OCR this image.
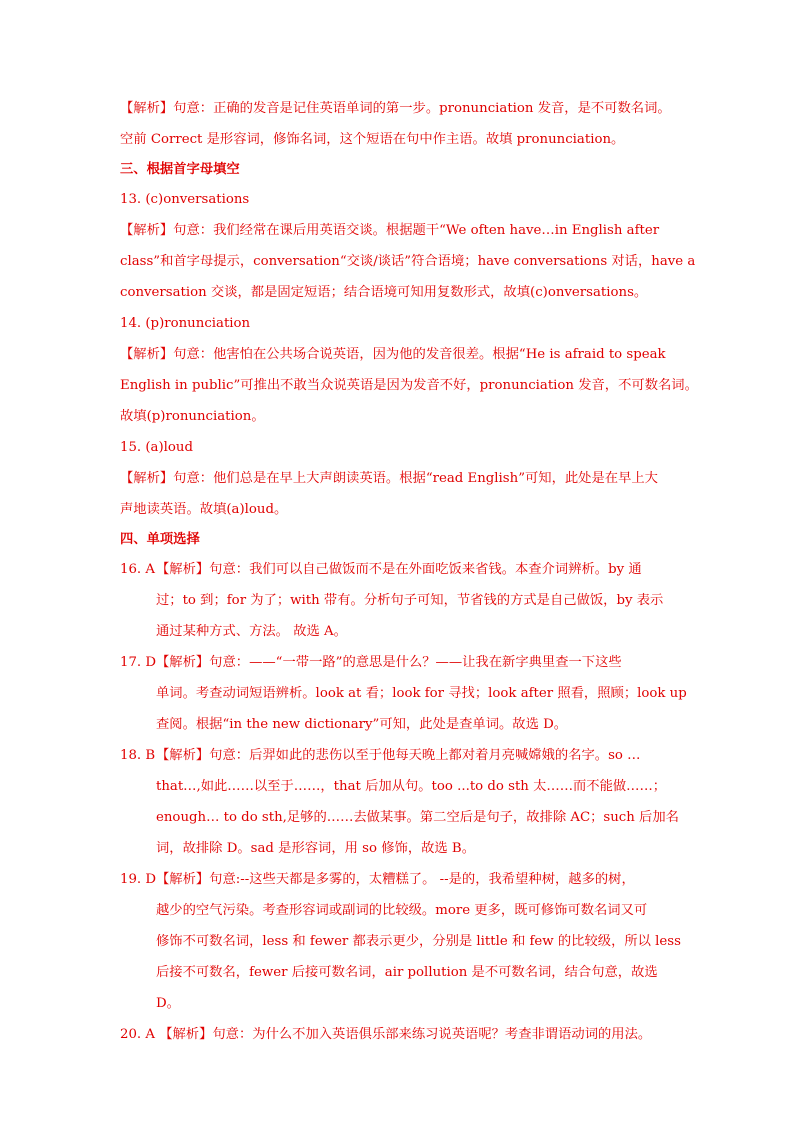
【解析】句意：正确的发音是记住英语单词的第一步。pronunciation 发音，是不可数名词。
空前 Correct 是形容词，修饰名词，这个短语在句中作主语。故填 pronunciation。
三、根据首字母填空
13. (c)onversations
【解析】句意：我们经常在课后用英语交谈。根据题干“We often have…in English after
class”和首字母提示，conversation“交谈/谈话”符合语境；have conversations 对话，have a
conversation 交谈，都是固定短语；结合语境可知用复数形式，故填(c)onversations。
14. (p)ronunciation
【解析】句意：他害怕在公共场合说英语，因为他的发音很差。根据“He is afraid to speak
English in public”可推出不敢当众说英语是因为发音不好，pronunciation 发音，不可数名词。
故填(p)ronunciation。
15. (a)loud
【解析】句意：他们总是在早上大声朗读英语。根据“read English”可知，此处是在早上大
声地读英语。故填(a)loud。
四、单项选择
16. A 【解析】句意：我们可以自己做饭而不是在外面吃饭来省钱。本查介词辨析。by 通
过；to 到；for 为了；with 带有。分析句子可知，节省钱的方式是自己做饭，by 表示
通过某种方式、方法。 故选 A。
17. D 【解析】句意：——“一带一路”的意思是什么？——让我在新字典里查一下这些
单词。考查动词短语辨析。look at 看；look for 寻找；look after 照看，照顾；look up
查阅。根据“in the new dictionary”可知，此处是查单词。故选 D。
18. B 【解析】句意：后羿如此的悲伤以至于他每天晚上都对着月亮喊嫦娥的名字。so …
that…,如此……以至于……，that 后加从句。too ...to do sth 太……而不能做……；
enough… to do sth,足够的……去做某事。第二空后是句子，故排除 AC；such 后加名
词，故排除 D。sad 是形容词，用 so 修饰，故选 B。
19. D 【解析】句意:--这些天都是多雾的，太糟糕了。 --是的，我希望种树，越多的树，
越少的空气污染。考查形容词或副词的比较级。more 更多，既可修饰可数名词又可
修饰不可数名词，less 和 fewer 都表示更少，分别是 little 和 few 的比较级，所以 less
后接不可数名，fewer 后接可数名词，air pollution 是不可数名词，结合句意，故选
D。
20. A 【解析】句意：为什么不加入英语俱乐部来练习说英语呢？考查非谓语动词的用法。
